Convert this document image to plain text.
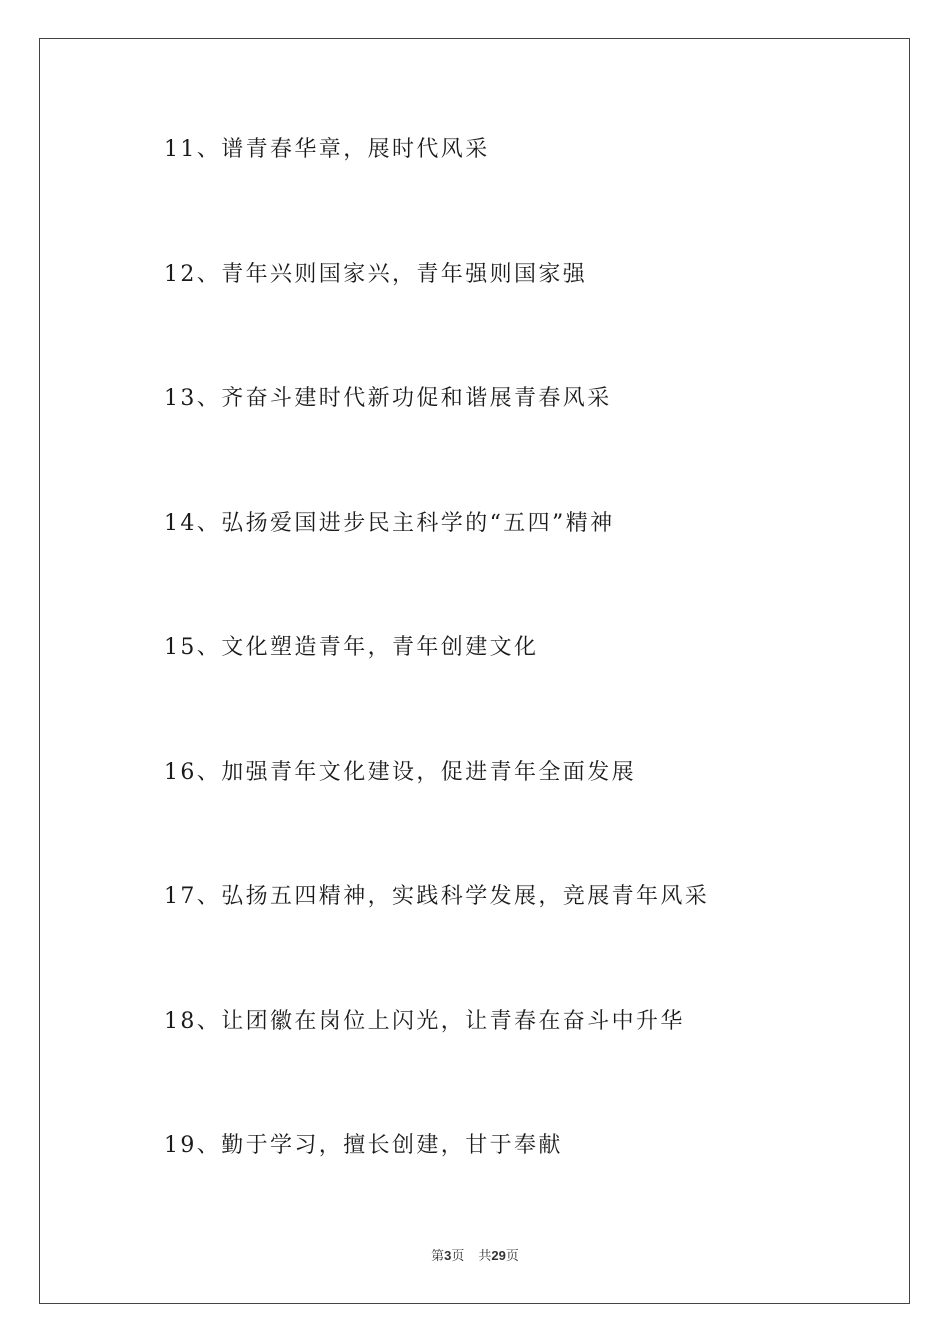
11、谱青春华章，展时代风采
12、青年兴则国家兴，青年强则国家强
13、齐奋斗建时代新功促和谐展青春风采
14、弘扬爱国进步民主科学的“五四”精神
15、文化塑造青年，青年创建文化
16、加强青年文化建设，促进青年全面发展
17、弘扬五四精神，实践科学发展，竞展青年风采
18、让团徽在岗位上闪光，让青春在奋斗中升华
19、勤于学习，擅长创建，甘于奉献
第3页 共29页
